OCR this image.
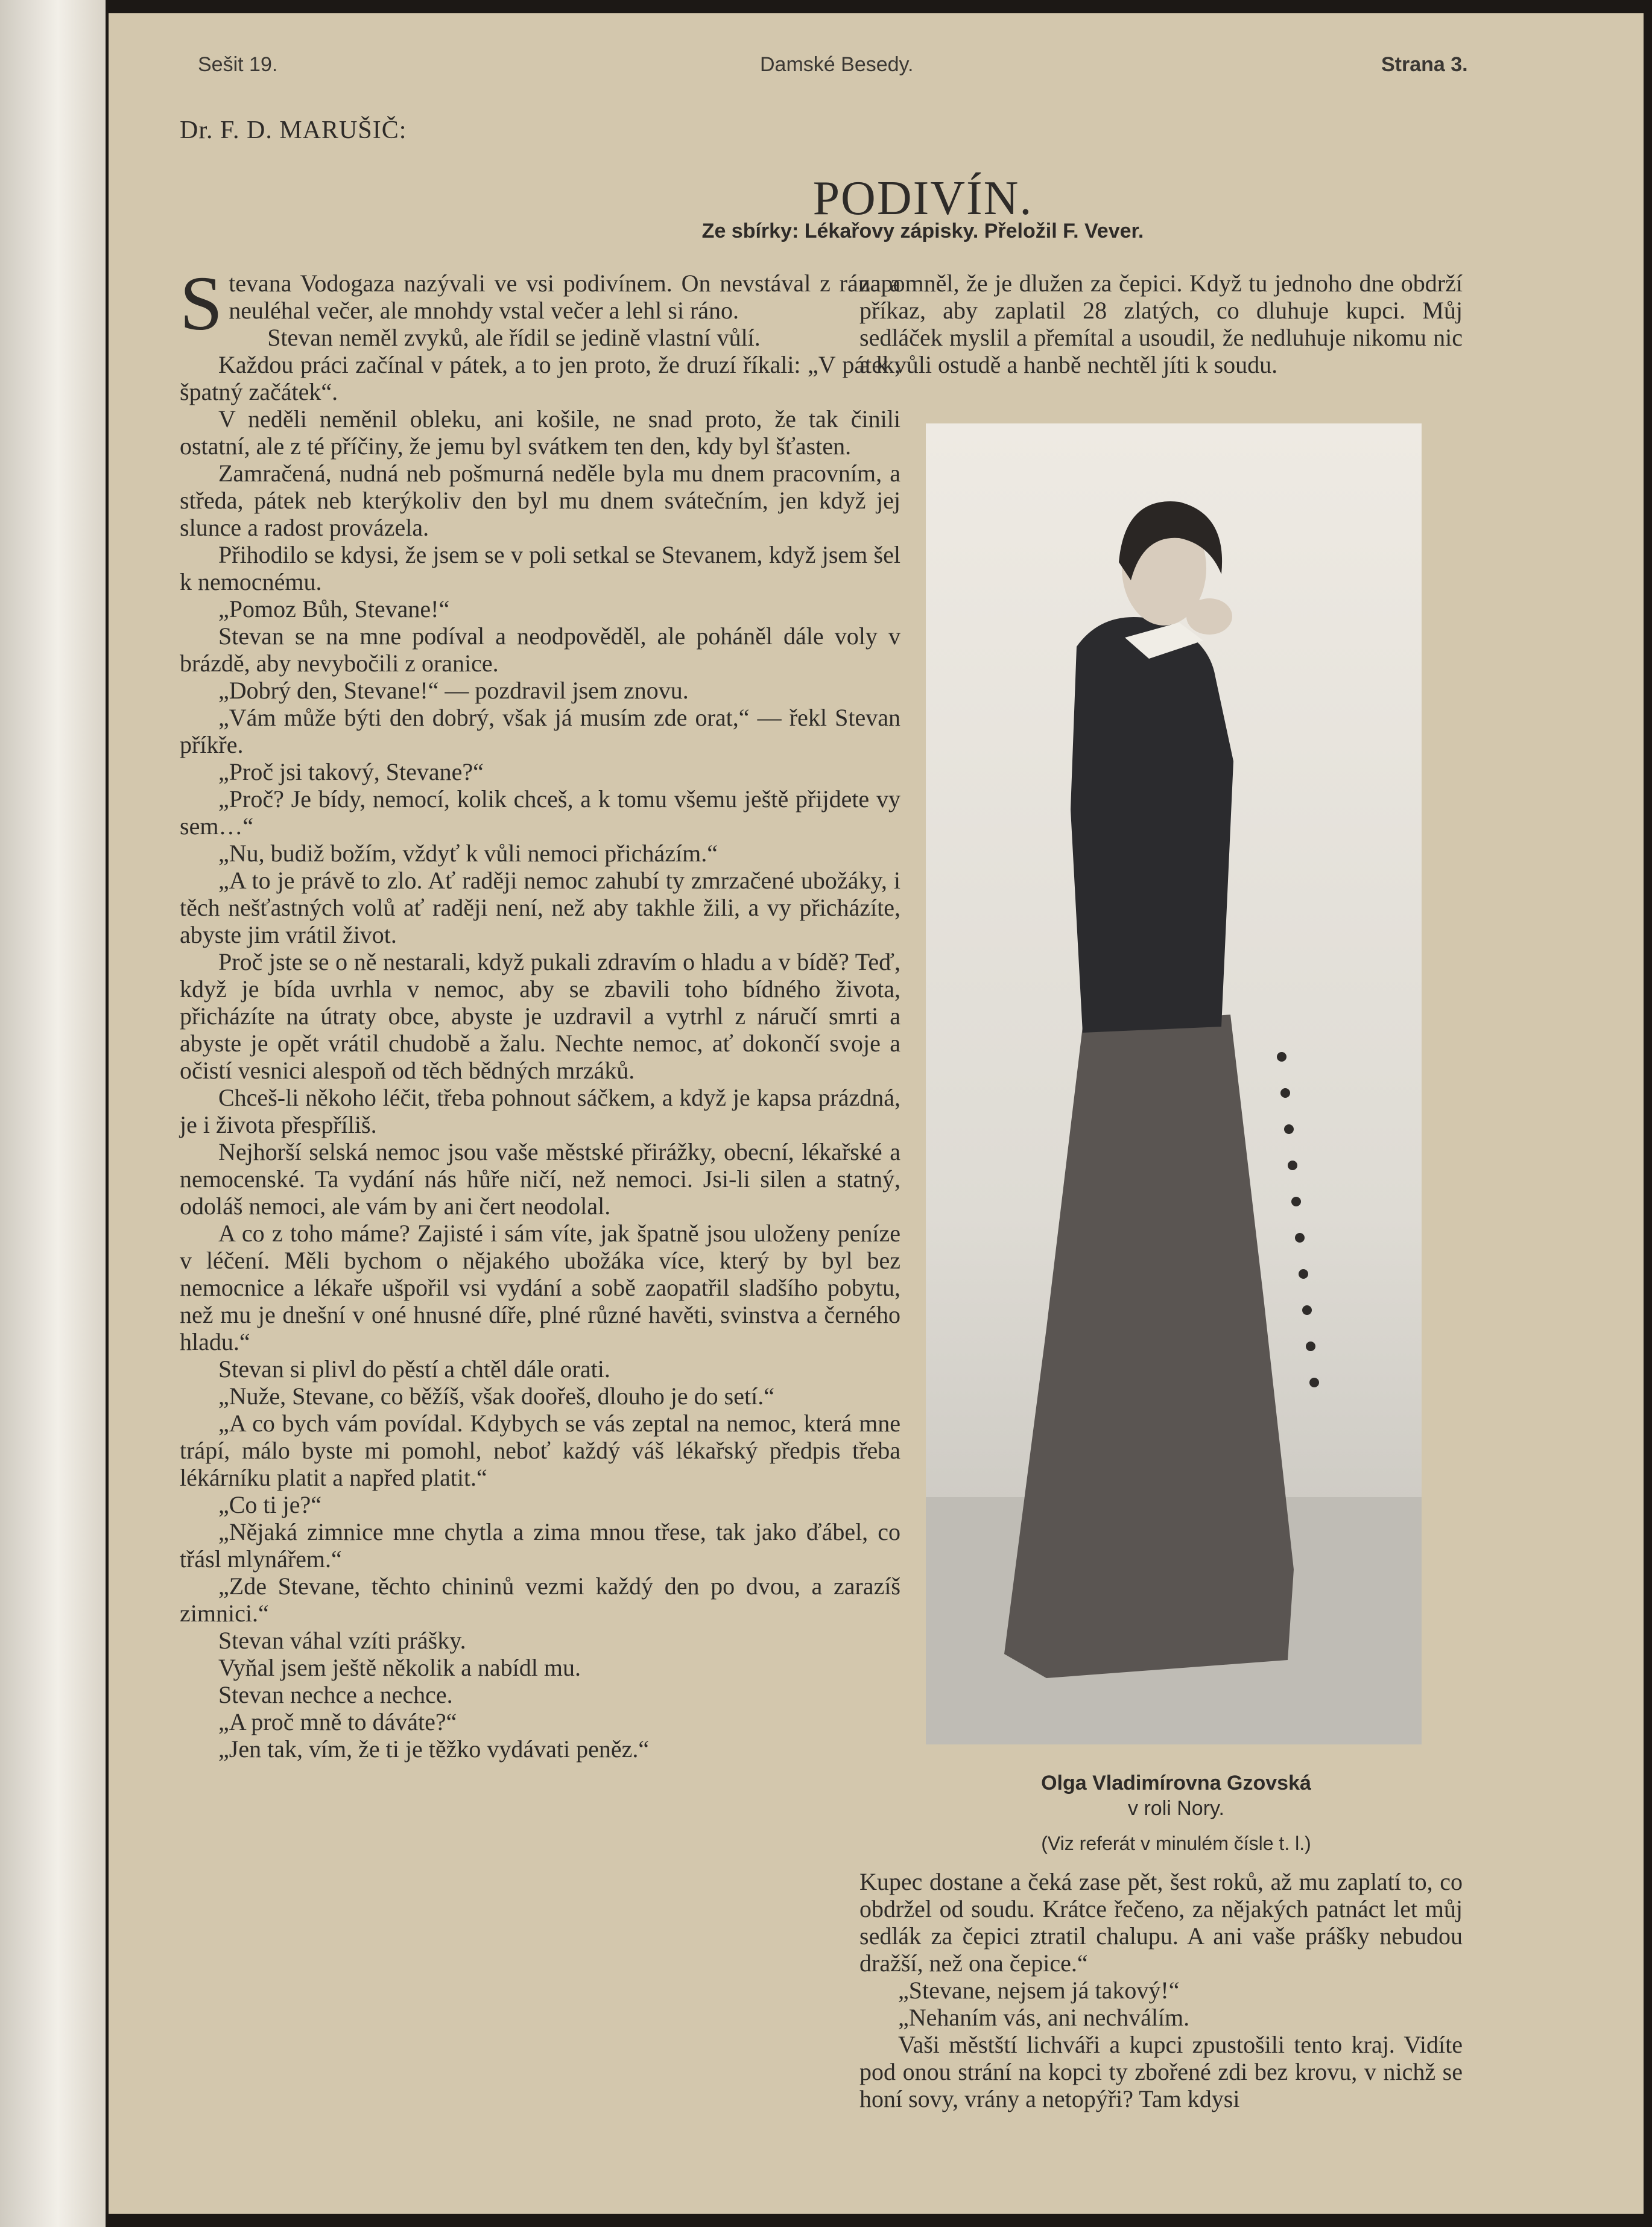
Sešit 19.	Damské Besedy.	Strana 3.
Dr. F. D. MARUŠIČ:
PODIVÍN.
Ze sbírky: Lékařovy zápisky. Přeložil F. Vever.

Stevana Vodogaza nazývali ve vsi podivínem. On nevstával z rána a neuléhal večer, ale mnohdy vstal večer a lehl si ráno.

Stevan neměl zvyků, ale řídil se jedině vlastní vůlí.

Každou práci začínal v pátek, a to jen proto, že druzí říkali: „V pátek, špatný začátek“.

V neděli neměnil obleku, ani košile, ne snad proto, že tak činili ostatní, ale z té příčiny, že jemu byl svátkem ten den, kdy byl šťasten.

Zamračená, nudná neb pošmurná neděle byla mu dnem pracovním, a středa, pátek neb kterýkoliv den byl mu dnem svátečním, jen když jej slunce a radost provázela.

Přihodilo se kdysi, že jsem se v poli setkal se Stevanem, když jsem šel k nemocnému.

„Pomoz Bůh, Stevane!“

Stevan se na mne podíval a neodpověděl, ale poháněl dále voly v brázdě, aby nevybočili z oranice.

„Dobrý den, Stevane!“ — pozdravil jsem znovu.

„Vám může býti den dobrý, však já musím zde orat,“ — řekl Stevan příkře.

„Proč jsi takový, Stevane?“

„Proč? Je bídy, nemocí, kolik chceš, a k tomu všemu ještě přijdete vy sem…“

„Nu, budiž božím, vždyť k vůli nemoci přicházím.“

„A to je právě to zlo. Ať raději nemoc zahubí ty zmrzačené ubožáky, i těch nešťastných volů ať raději není, než aby takhle žili, a vy přicházíte, abyste jim vrátil život.

Proč jste se o ně nestarali, když pukali zdravím o hladu a v bídě? Teď, když je bída uvrhla v nemoc, aby se zbavili toho bídného života, přicházíte na útraty obce, abyste je uzdravil a vytrhl z náručí smrti a abyste je opět vrátil chudobě a žalu. Nechte nemoc, ať dokončí svoje a očistí vesnici alespoň od těch bědných mrzáků.

Chceš-li někoho léčit, třeba pohnout sáčkem, a když je kapsa prázdná, je i života přespříliš.

Nejhorší selská nemoc jsou vaše městské přirážky, obecní, lékařské a nemocenské. Ta vydání nás hůře ničí, než nemoci. Jsi-li silen a statný, odoláš nemoci, ale vám by ani čert neodolal.

A co z toho máme? Zajisté i sám víte, jak špatně jsou uloženy peníze v léčení. Měli bychom o nějakého ubožáka více, který by byl bez nemocnice a lékaře ušpořil vsi vydání a sobě zaopatřil sladšího pobytu, než mu je dnešní v oné hnusné díře, plné různé havěti, svinstva a černého hladu.“

Stevan si plivl do pěstí a chtěl dále orati.

„Nuže, Stevane, co běžíš, však doořeš, dlouho je do setí.“

„A co bych vám povídal. Kdybych se vás zeptal na nemoc, která mne trápí, málo byste mi pomohl, neboť každý váš lékařský předpis třeba lékárníku platit a napřed platit.“

„Co ti je?“

„Nějaká zimnice mne chytla a zima mnou třese, tak jako ďábel, co třásl mlynářem.“

„Zde Stevane, těchto chininů vezmi každý den po dvou, a zarazíš zimnici.“

Stevan váhal vzíti prášky.

Vyňal jsem ještě několik a nabídl mu.

Stevan nechce a nechce.

„A proč mně to dáváte?“

„Jen tak, vím, že ti je těžko vydávati peněz.“

zapomněl, že je dlužen za čepici. Když tu jednoho dne obdrží příkaz, aby zaplatil 28 zlatých, co dluhuje kupci. Můj sedláček myslil a přemítal a usoudil, že nedluhuje nikomu nic a k vůli ostudě a hanbě nechtěl jíti k soudu.

Olga Vladimírovna Gzovská
v roli Nory.
(Viz referát v minulém čísle t. l.)

Kupec dostane a čeká zase pět, šest roků, až mu zaplatí to, co obdržel od soudu. Krátce řečeno, za nějakých patnáct let můj sedlák za čepici ztratil chalupu. A ani vaše prášky nebudou dražší, než ona čepice.“

„Stevane, nejsem já takový!“

„Nehaním vás, ani nechválím.

Vaši městští lichváři a kupci zpustošili tento kraj. Vidíte pod onou strání na kopci ty zbořené zdi bez krovu, v nichž se honí sovy, vrány a netopýři? Tam kdysi
